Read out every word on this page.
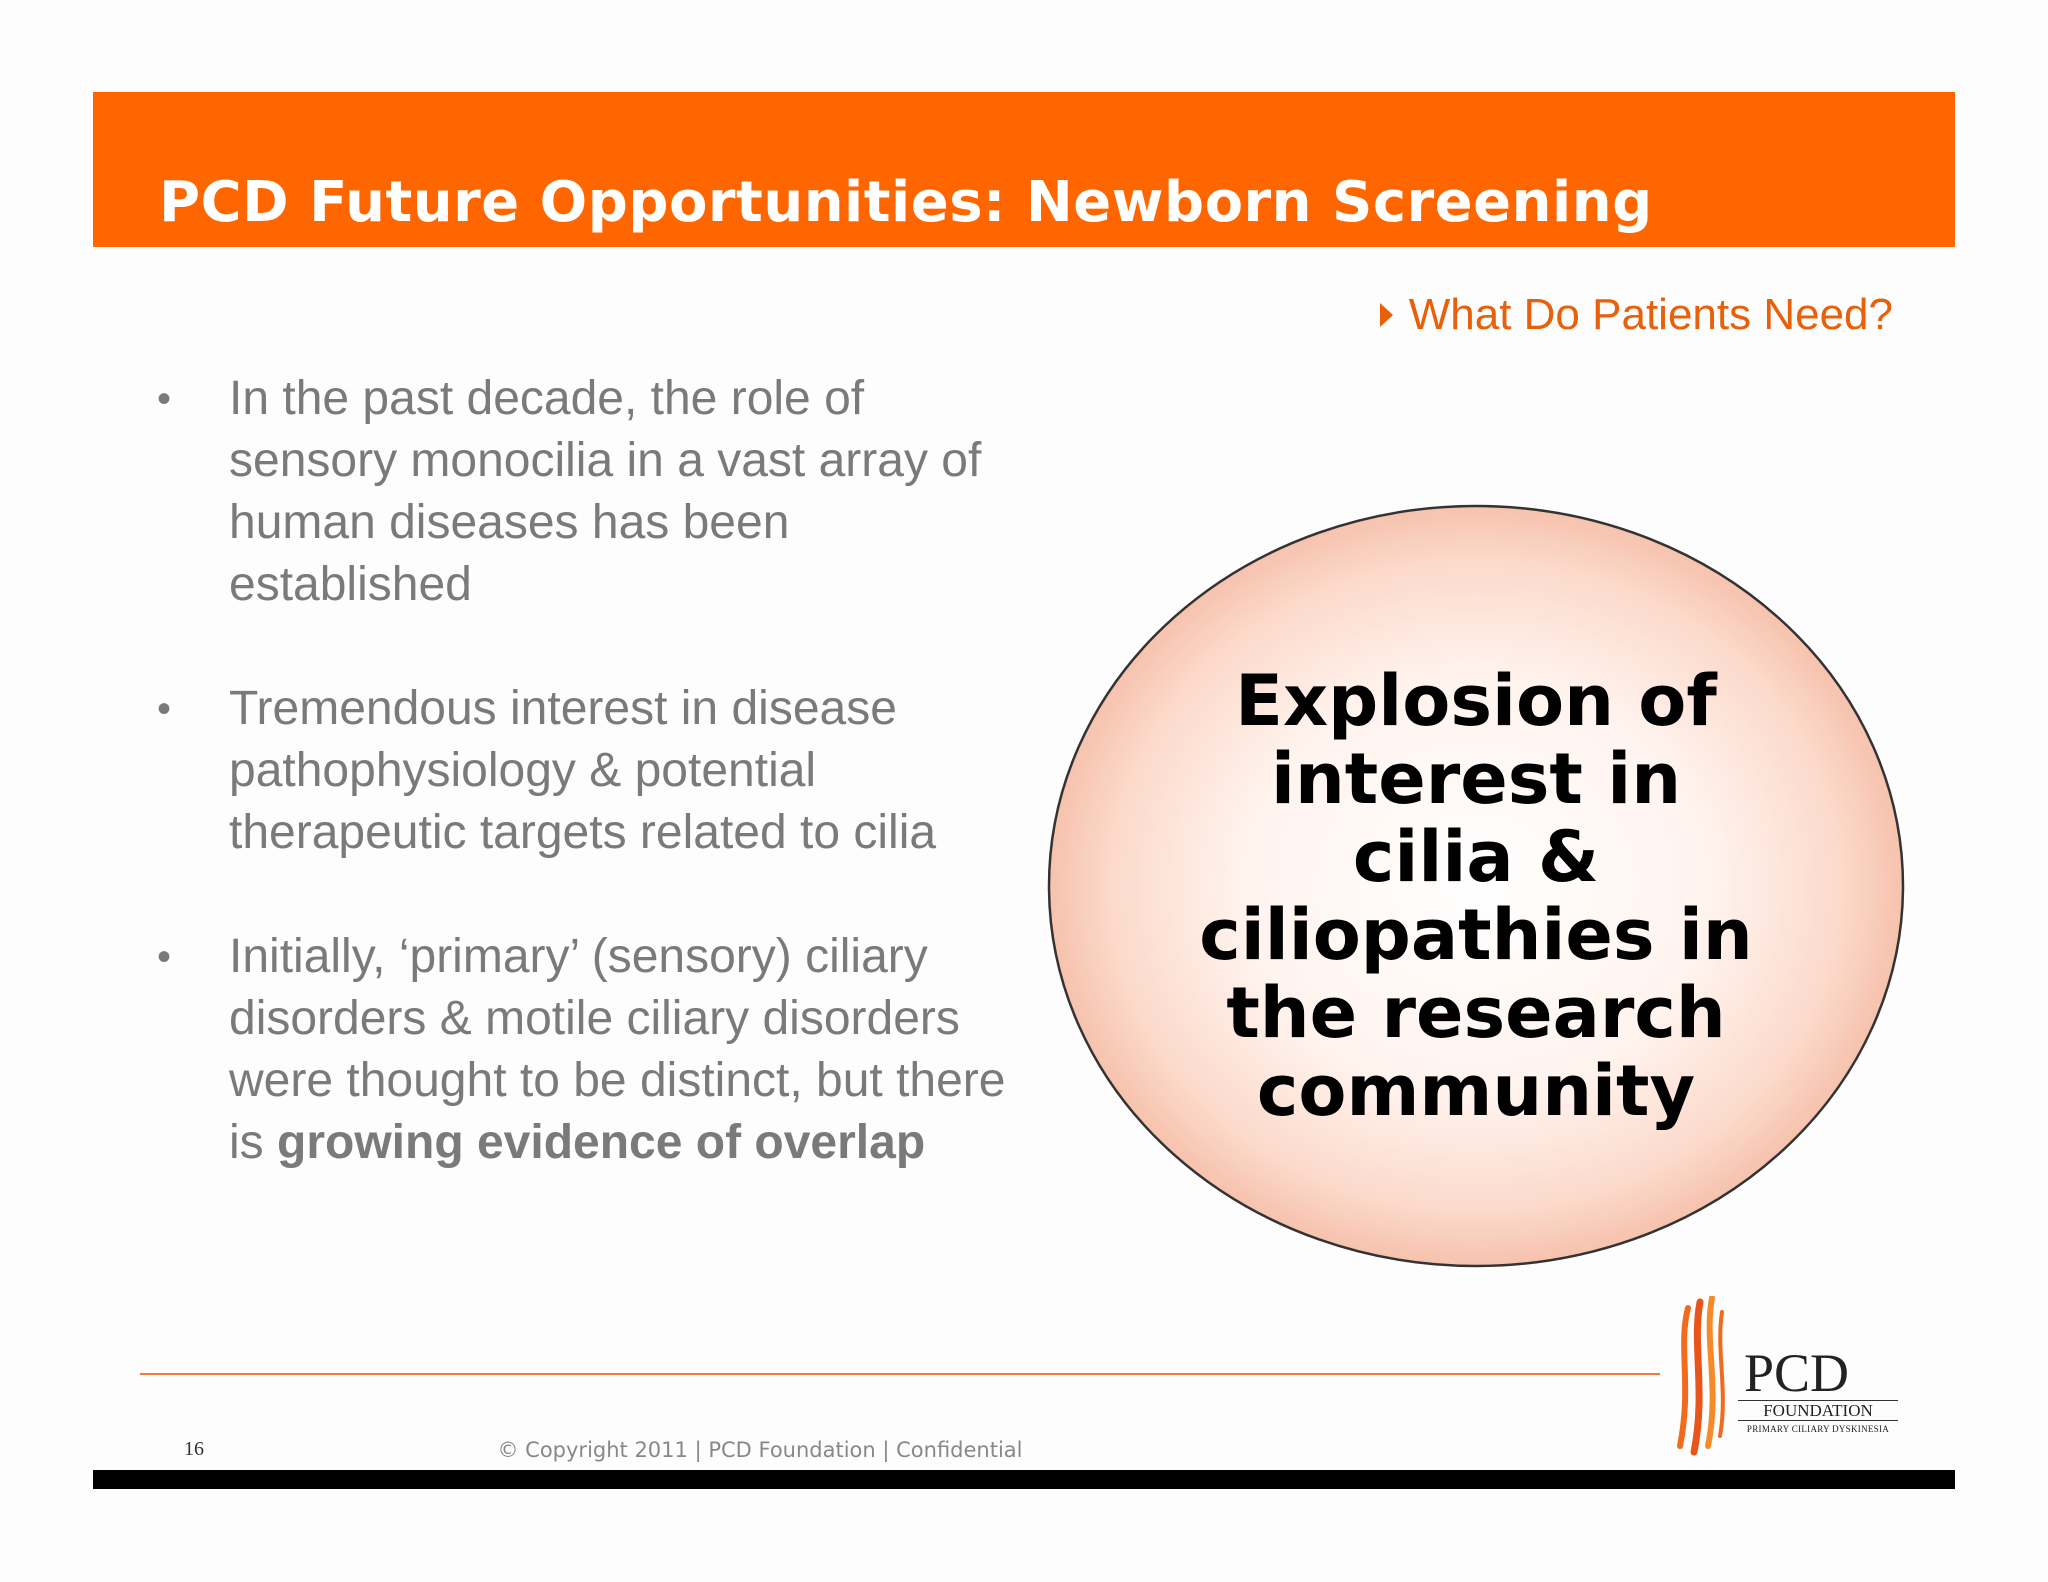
PCD Future Opportunities: Newborn Screening
What Do Patients Need?
• In the past decade, the role of sensory monocilia in a vast array of human diseases has been established
• Tremendous interest in disease pathophysiology & potential therapeutic targets related to cilia
• Initially, ‘primary’ (sensory) ciliary disorders & motile ciliary disorders were thought to be distinct, but there is growing evidence of overlap
Explosion of
interest in
cilia &
ciliopathies in
the research
community
16	© Copyright 2011 | PCD Foundation | Confidential
PCD
FOUNDATION
PRIMARY CILIARY DYSKINESIA
